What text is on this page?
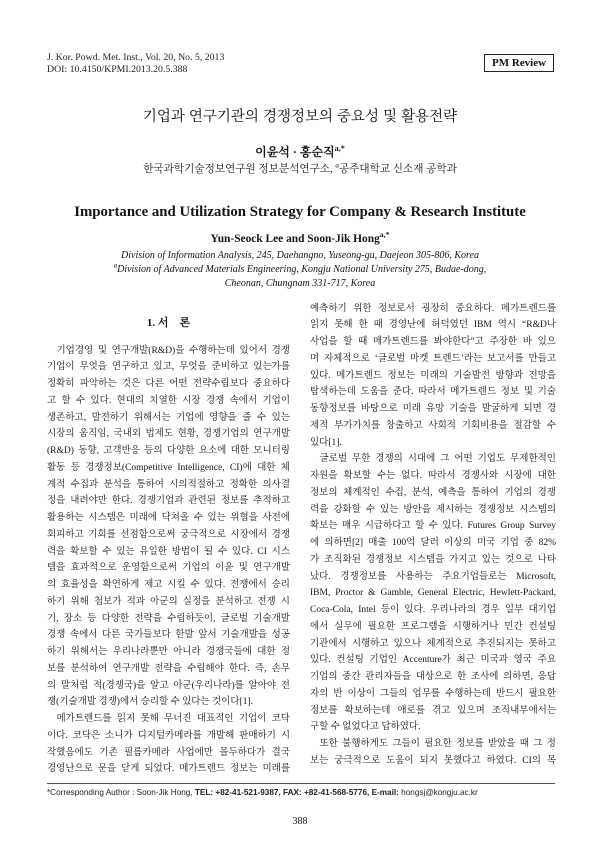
J. Kor. Powd. Met. Inst., Vol. 20, No. 5, 2013
DOI: 10.4150/KPMI.2013.20.5.388
PM Review
기업과 연구기관의 경쟁정보의 중요성 및 활용전략
이윤석 · 홍순직$^{a,*}$
한국과학기술정보연구원 정보분석연구소, $^a$공주대학교 신소재 공학과
Importance and Utilization Strategy for Company & Research Institute
Yun-Seock Lee and Soon-Jik Hong$^{a,*}$
Division of Information Analysis, 245, Daehangno, Yuseong-gu, Daejeon 305-806, Korea
$^a$Division of Advanced Materials Engineering, Kongju National University 275, Budae-dong,
Cheonan, Chungnam 331-717, Korea
1. 서　론
기업경영 및 연구개발(R&D)을 수행하는데 있어서 경쟁
기업이 무엇을 연구하고 있고, 무엇을 준비하고 있는가를
정확히 파악하는 것은 다른 어떤 전략수립보다 중요하다
고 할 수 있다. 현대의 치열한 시장 경쟁 속에서 기업이
생존하고, 발전하기 위해서는 기업에 영향을 줄 수 있는
시장의 움직임, 국내외 법제도 현황, 경쟁기업의 연구개발
(R&D) 동향, 고객반응 등의 다양한 요소에 대한 모니터링
활동 등 경쟁정보(Competitive Intelligence, CI)에 대한 체
계적 수집과 분석을 통하여 시의적절하고 정확한 의사결
정을 내려야만 한다. 경쟁기업과 관련된 정보를 추적하고
활용하는 시스템은 미래에 닥쳐올 수 있는 위협을 사전에
회피하고 기회를 선점함으로써 궁극적으로 시장에서 경쟁
력을 확보할 수 있는 유일한 방법이 될 수 있다. CI 시스
템을 효과적으로 운영함으로써 기업의 이윤 및 연구개발
의 효율성을 확연하게 제고 시킬 수 있다. 전쟁에서 승리
하기 위해 첩보가 적과 아군의 실정을 분석하고 전쟁 시
기, 장소 등 다양한 전략을 수립하듯이, 글로벌 기술개발
경쟁 속에서 다른 국가들보다 한발 앞서 기술개발을 성공
하기 위해서는 우리나라뿐만 아니라 경쟁국들에 대한 정
보를 분석하여 연구개발 전략을 수립해야 한다. 즉, 손무
의 말처럼 적(경쟁국)을 알고 아군(우리나라)를 알아야 전
쟁(기술개발 경쟁)에서 승리할 수 있다는 것이다[1].
메가트렌드를 읽지 못해 무너진 대표적인 기업이 코닥
이다. 코닥은 소니가 디지털카메라를 개발해 판매하기 시
작했음에도 기존 필름카메라 사업에만 몰두하다가 결국
경영난으로 문을 닫게 되었다. 메가트렌드 정보는 미래를
예측하기 위한 정보로서 굉장히 중요하다. 메가트렌드를
읽지 못해 한 때 경영난에 허덕였던 IBM 역시 “R&D나
사업을 할 때 메가트렌드를 봐야한다”고 주장한 바 있으
며 자체적으로 ‘글로벌 마켓 트렌드’라는 보고서를 만들고
있다. 메가트렌드 정보는 미래의 기술발전 방향과 전망을
탐색하는데 도움을 준다. 따라서 메가트렌드 정보 및 기술
동향정보를 바탕으로 미래 유망 기술을 발굴하게 되면 경
제적 부가가치를 창출하고 사회적 기회비용을 절감할 수
있다[1].
글로벌 무한 경쟁의 시대에 그 어떤 기업도 무제한적인
자원을 확보할 수는 없다. 따라서 경쟁사와 시장에 대한
정보의 체계적인 수집, 분석, 예측을 통하여 기업의 경쟁
력을 강화할 수 있는 방안을 제시하는 경쟁정보 시스템의
확보는 매우 시급하다고 할 수 있다. Futures Group Survey
에 의하면[2] 매출 100억 달러 이상의 미국 기업 중 82%
가 조직화된 경쟁정보 시스템을 가지고 있는 것으로 나타
났다. 경쟁정보를 사용하는 주요기업들로는 Microsoft,
IBM, Proctor & Gamble, General Electric, Hewlett-Packard,
Coca-Cola, Intel 등이 있다. 우리나라의 경우 일부 대기업
에서 실무에 필요한 프로그램을 시행하거나 민간 컨설팅
기관에서 시행하고 있으나 체계적으로 추진되지는 못하고
있다. 컨설팅 기업인 Accenture가 최근 미국과 영국 주요
기업의 중간 관리자들을 대상으로 한 조사에 의하면, 응답
자의 반 이상이 그들의 업무를 수행하는데 반드시 필요한
정보를 확보하는데 애로를 겪고 있으며 조직내부에서는
구할 수 없었다고 답하였다.
또한 불행하게도 그들이 필요한 정보를 받았을 때 그 정
보는 궁극적으로 도움이 되지 못했다고 하였다. CI의 목
*Corresponding Author : Soon-Jik Hong, TEL: +82-41-521-9387, FAX: +82-41-568-5776, E-mail: hongsj@kongju.ac.kr
388
